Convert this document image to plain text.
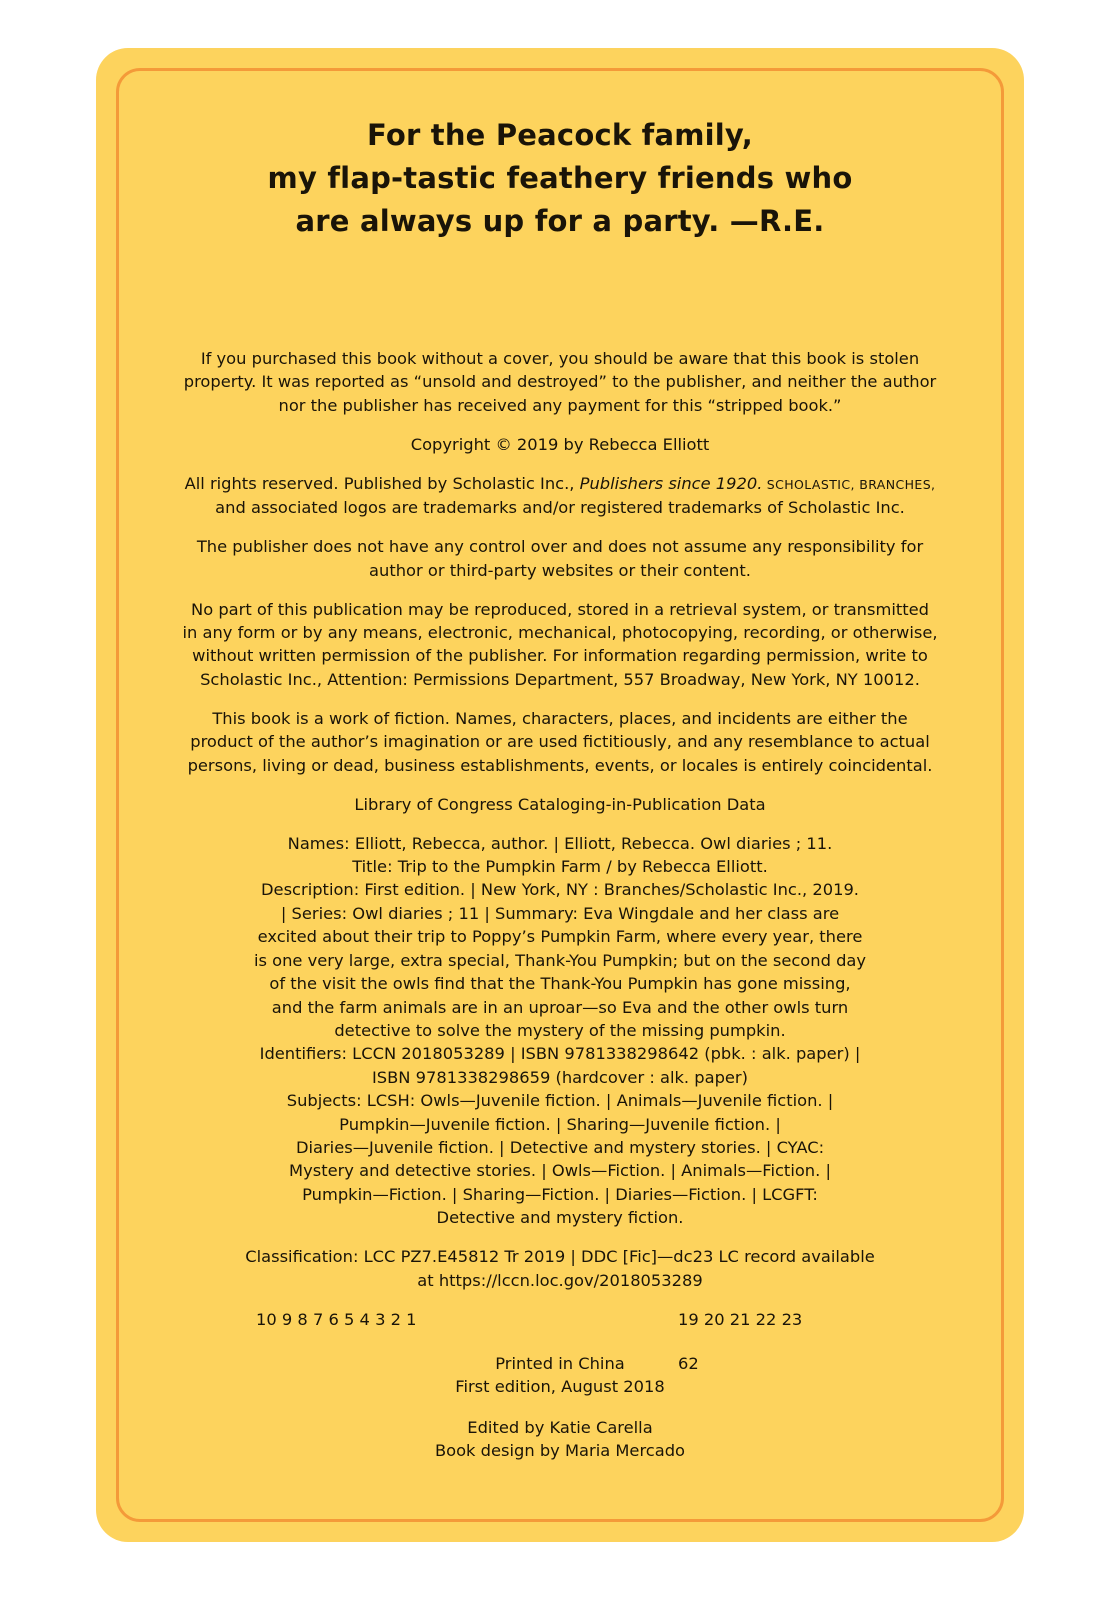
For the Peacock family,
my flap-tastic feathery friends who
are always up for a party. —R.E.

If you purchased this book without a cover, you should be aware that this book is stolen
property. It was reported as “unsold and destroyed” to the publisher, and neither the author
nor the publisher has received any payment for this “stripped book.”

Copyright © 2019 by Rebecca Elliott

All rights reserved. Published by Scholastic Inc., Publishers since 1920. SCHOLASTIC, BRANCHES,
and associated logos are trademarks and/or registered trademarks of Scholastic Inc.

The publisher does not have any control over and does not assume any responsibility for
author or third-party websites or their content.

No part of this publication may be reproduced, stored in a retrieval system, or transmitted
in any form or by any means, electronic, mechanical, photocopying, recording, or otherwise,
without written permission of the publisher. For information regarding permission, write to
Scholastic Inc., Attention: Permissions Department, 557 Broadway, New York, NY 10012.

This book is a work of fiction. Names, characters, places, and incidents are either the
product of the author’s imagination or are used fictitiously, and any resemblance to actual
persons, living or dead, business establishments, events, or locales is entirely coincidental.

Library of Congress Cataloging-in-Publication Data

Names: Elliott, Rebecca, author. | Elliott, Rebecca. Owl diaries ; 11.
Title: Trip to the Pumpkin Farm / by Rebecca Elliott.
Description: First edition. | New York, NY : Branches/Scholastic Inc., 2019.
| Series: Owl diaries ; 11 | Summary: Eva Wingdale and her class are
excited about their trip to Poppy’s Pumpkin Farm, where every year, there
is one very large, extra special, Thank-You Pumpkin; but on the second day
of the visit the owls find that the Thank-You Pumpkin has gone missing,
and the farm animals are in an uproar—so Eva and the other owls turn
detective to solve the mystery of the missing pumpkin.
Identifiers: LCCN 2018053289 | ISBN 9781338298642 (pbk. : alk. paper) |
ISBN 9781338298659 (hardcover : alk. paper)
Subjects: LCSH: Owls—Juvenile fiction. | Animals—Juvenile fiction. |
Pumpkin—Juvenile fiction. | Sharing—Juvenile fiction. |
Diaries—Juvenile fiction. | Detective and mystery stories. | CYAC:
Mystery and detective stories. | Owls—Fiction. | Animals—Fiction. |
Pumpkin—Fiction. | Sharing—Fiction. | Diaries—Fiction. | LCGFT:
Detective and mystery fiction.

Classification: LCC PZ7.E45812 Tr 2019 | DDC [Fic]—dc23 LC record available
at https://lccn.loc.gov/2018053289

10 9 8 7 6 5 4 3 2 1	19 20 21 22 23
Printed in China	62
First edition, August 2018
Edited by Katie Carella
Book design by Maria Mercado
